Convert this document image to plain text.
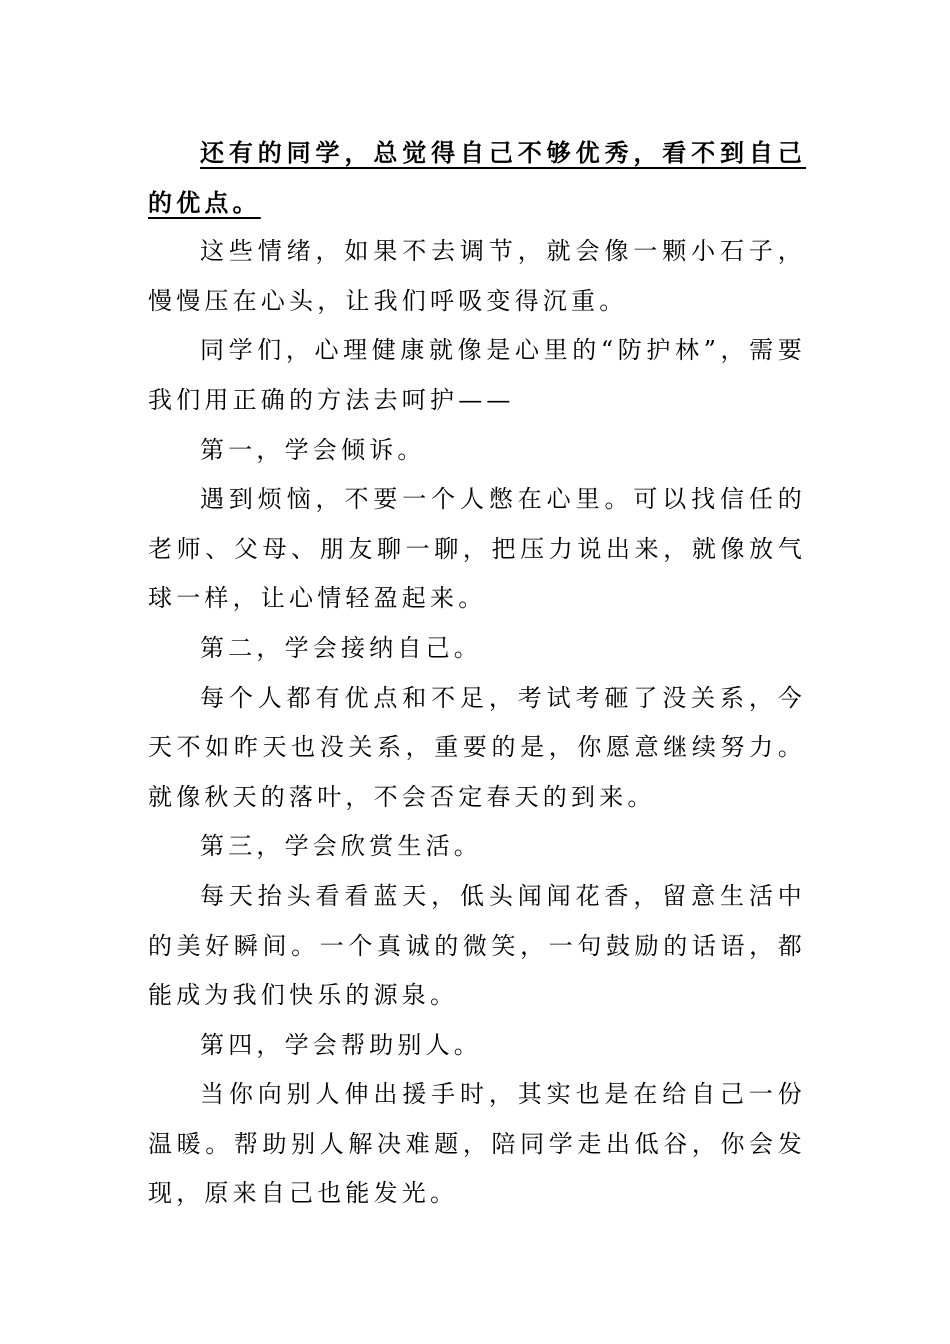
还有的同学，总觉得自己不够优秀，看不到自己的优点。

这些情绪，如果不去调节，就会像一颗小石子，慢慢压在心头，让我们呼吸变得沉重。

同学们，心理健康就像是心里的“防护林”，需要我们用正确的方法去呵护——

第一，学会倾诉。

遇到烦恼，不要一个人憋在心里。可以找信任的老师、父母、朋友聊一聊，把压力说出来，就像放气球一样，让心情轻盈起来。

第二，学会接纳自己。

每个人都有优点和不足，考试考砸了没关系，今天不如昨天也没关系，重要的是，你愿意继续努力。就像秋天的落叶，不会否定春天的到来。

第三，学会欣赏生活。

每天抬头看看蓝天，低头闻闻花香，留意生活中的美好瞬间。一个真诚的微笑，一句鼓励的话语，都能成为我们快乐的源泉。

第四，学会帮助别人。

当你向别人伸出援手时，其实也是在给自己一份温暖。帮助别人解决难题，陪同学走出低谷，你会发现，原来自己也能发光。
